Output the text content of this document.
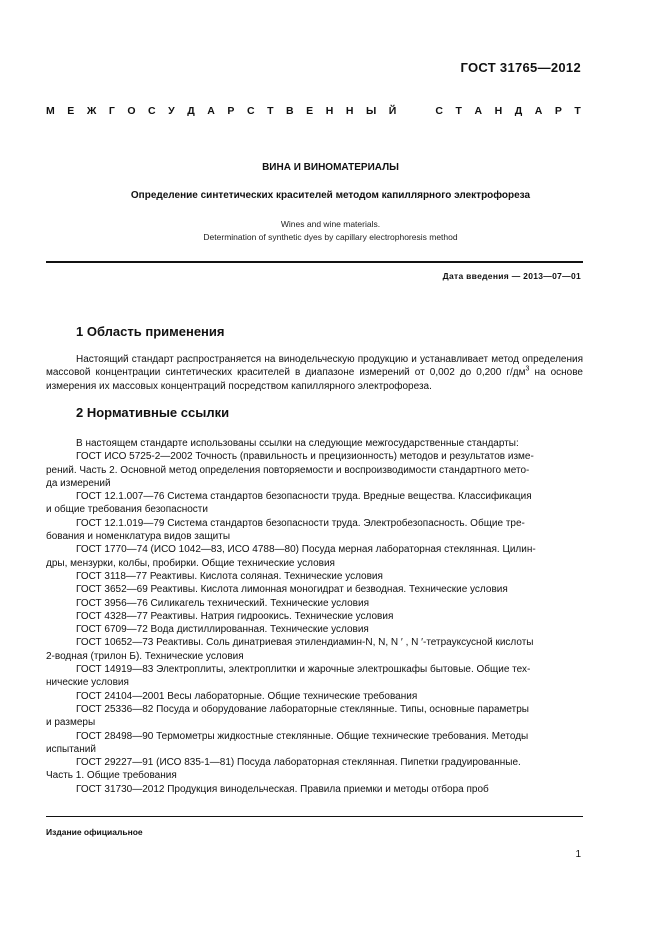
ГОСТ 31765—2012
М Е Ж Г О С У Д А Р С Т В Е Н Н Ы Й	С Т А Н Д А Р Т
ВИНА И ВИНОМАТЕРИАЛЫ
Определение синтетических красителей методом капиллярного электрофореза
Wines and wine materials.
Determination of synthetic dyes by capillary electrophoresis method
Дата введения — 2013—07—01
1 Область применения
Настоящий стандарт распространяется на винодельческую продукцию и устанавливает метод определения массовой концентрации синтетических красителей в диапазоне измерений от 0,002 до 0,200 $г/дм^3$ на основе измерения их массовых концентраций посредством капиллярного электрофореза.
2 Нормативные ссылки
В настоящем стандарте использованы ссылки на следующие межгосударственные стандарты:
ГОСТ ИСО 5725-2—2002 Точность (правильность и прецизионность) методов и результатов изме-
рений. Часть 2. Основной метод определения повторяемости и воспроизводимости стандартного мето-
да измерений
ГОСТ 12.1.007—76 Система стандартов безопасности труда. Вредные вещества. Классификация
и общие требования безопасности
ГОСТ 12.1.019—79 Система стандартов безопасности труда. Электробезопасность. Общие тре-
бования и номенклатура видов защиты
ГОСТ 1770—74 (ИСО 1042—83, ИСО 4788—80) Посуда мерная лабораторная стеклянная. Цилин-
дры, мензурки, колбы, пробирки. Общие технические условия
ГОСТ 3118—77 Реактивы. Кислота соляная. Технические условия
ГОСТ 3652—69 Реактивы. Кислота лимонная моногидрат и безводная. Технические условия
ГОСТ 3956—76 Силикагель технический. Технические условия
ГОСТ 4328—77 Реактивы. Натрия гидроокись. Технические условия
ГОСТ 6709—72 Вода дистиллированная. Технические условия
ГОСТ 10652—73 Реактивы. Соль динатриевая этилендиамин-N, N, N ′ , N ′-тетрауксусной кислоты
2-водная (трилон Б). Технические условия
ГОСТ 14919—83 Электроплиты, электроплитки и жарочные электрошкафы бытовые. Общие тех-
нические условия
ГОСТ 24104—2001 Весы лабораторные. Общие технические требования
ГОСТ 25336—82 Посуда и оборудование лабораторные стеклянные. Типы, основные параметры
и размеры
ГОСТ 28498—90 Термометры жидкостные стеклянные. Общие технические требования. Методы
испытаний
ГОСТ 29227—91 (ИСО 835-1—81) Посуда лабораторная стеклянная. Пипетки градуированные.
Часть 1. Общие требования
ГОСТ 31730—2012 Продукция винодельческая. Правила приемки и методы отбора проб
Издание официальное
1
